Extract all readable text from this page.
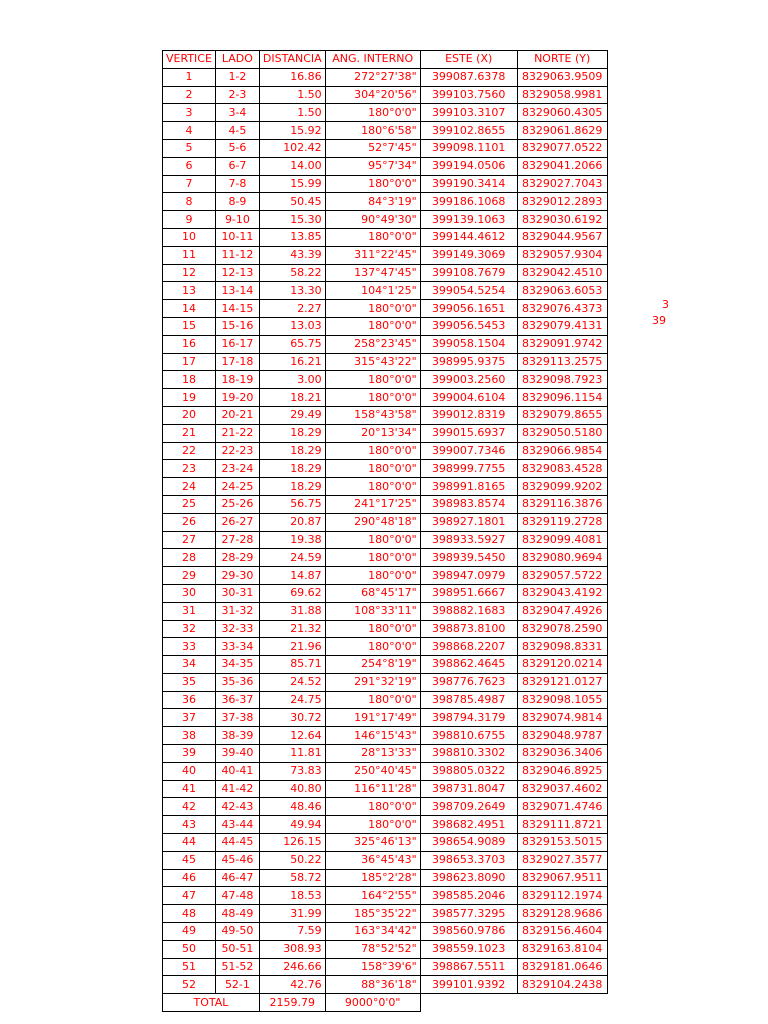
VERTICE	LADO	DISTANCIA	ANG. INTERNO	ESTE (X)	NORTE (Y)
1	1-2	16.86	272°27'38"	399087.6378	8329063.9509
2	2-3	1.50	304°20'56"	399103.7560	8329058.9981
3	3-4	1.50	180°0'0"	399103.3107	8329060.4305
4	4-5	15.92	180°6'58"	399102.8655	8329061.8629
5	5-6	102.42	52°7'45"	399098.1101	8329077.0522
6	6-7	14.00	95°7'34"	399194.0506	8329041.2066
7	7-8	15.99	180°0'0"	399190.3414	8329027.7043
8	8-9	50.45	84°3'19"	399186.1068	8329012.2893
9	9-10	15.30	90°49'30"	399139.1063	8329030.6192
10	10-11	13.85	180°0'0"	399144.4612	8329044.9567
11	11-12	43.39	311°22'45"	399149.3069	8329057.9304
12	12-13	58.22	137°47'45"	399108.7679	8329042.4510
13	13-14	13.30	104°1'25"	399054.5254	8329063.6053
14	14-15	2.27	180°0'0"	399056.1651	8329076.4373
15	15-16	13.03	180°0'0"	399056.5453	8329079.4131
16	16-17	65.75	258°23'45"	399058.1504	8329091.9742
17	17-18	16.21	315°43'22"	398995.9375	8329113.2575
18	18-19	3.00	180°0'0"	399003.2560	8329098.7923
19	19-20	18.21	180°0'0"	399004.6104	8329096.1154
20	20-21	29.49	158°43'58"	399012.8319	8329079.8655
21	21-22	18.29	20°13'34"	399015.6937	8329050.5180
22	22-23	18.29	180°0'0"	399007.7346	8329066.9854
23	23-24	18.29	180°0'0"	398999.7755	8329083.4528
24	24-25	18.29	180°0'0"	398991.8165	8329099.9202
25	25-26	56.75	241°17'25"	398983.8574	8329116.3876
26	26-27	20.87	290°48'18"	398927.1801	8329119.2728
27	27-28	19.38	180°0'0"	398933.5927	8329099.4081
28	28-29	24.59	180°0'0"	398939.5450	8329080.9694
29	29-30	14.87	180°0'0"	398947.0979	8329057.5722
30	30-31	69.62	68°45'17"	398951.6667	8329043.4192
31	31-32	31.88	108°33'11"	398882.1683	8329047.4926
32	32-33	21.32	180°0'0"	398873.8100	8329078.2590
33	33-34	21.96	180°0'0"	398868.2207	8329098.8331
34	34-35	85.71	254°8'19"	398862.4645	8329120.0214
35	35-36	24.52	291°32'19"	398776.7623	8329121.0127
36	36-37	24.75	180°0'0"	398785.4987	8329098.1055
37	37-38	30.72	191°17'49"	398794.3179	8329074.9814
38	38-39	12.64	146°15'43"	398810.6755	8329048.9787
39	39-40	11.81	28°13'33"	398810.3302	8329036.3406
40	40-41	73.83	250°40'45"	398805.0322	8329046.8925
41	41-42	40.80	116°11'28"	398731.8047	8329037.4602
42	42-43	48.46	180°0'0"	398709.2649	8329071.4746
43	43-44	49.94	180°0'0"	398682.4951	8329111.8721
44	44-45	126.15	325°46'13"	398654.9089	8329153.5015
45	45-46	50.22	36°45'43"	398653.3703	8329027.3577
46	46-47	58.72	185°2'28"	398623.8090	8329067.9511
47	47-48	18.53	164°2'55"	398585.2046	8329112.1974
48	48-49	31.99	185°35'22"	398577.3295	8329128.9686
49	49-50	7.59	163°34'42"	398560.9786	8329156.4604
50	50-51	308.93	78°52'52"	398559.1023	8329163.8104
51	51-52	246.66	158°39'6"	398867.5511	8329181.0646
52	52-1	42.76	88°36'18"	399101.9392	8329104.2438
TOTAL		2159.79	9000°0'0"		
3
39
